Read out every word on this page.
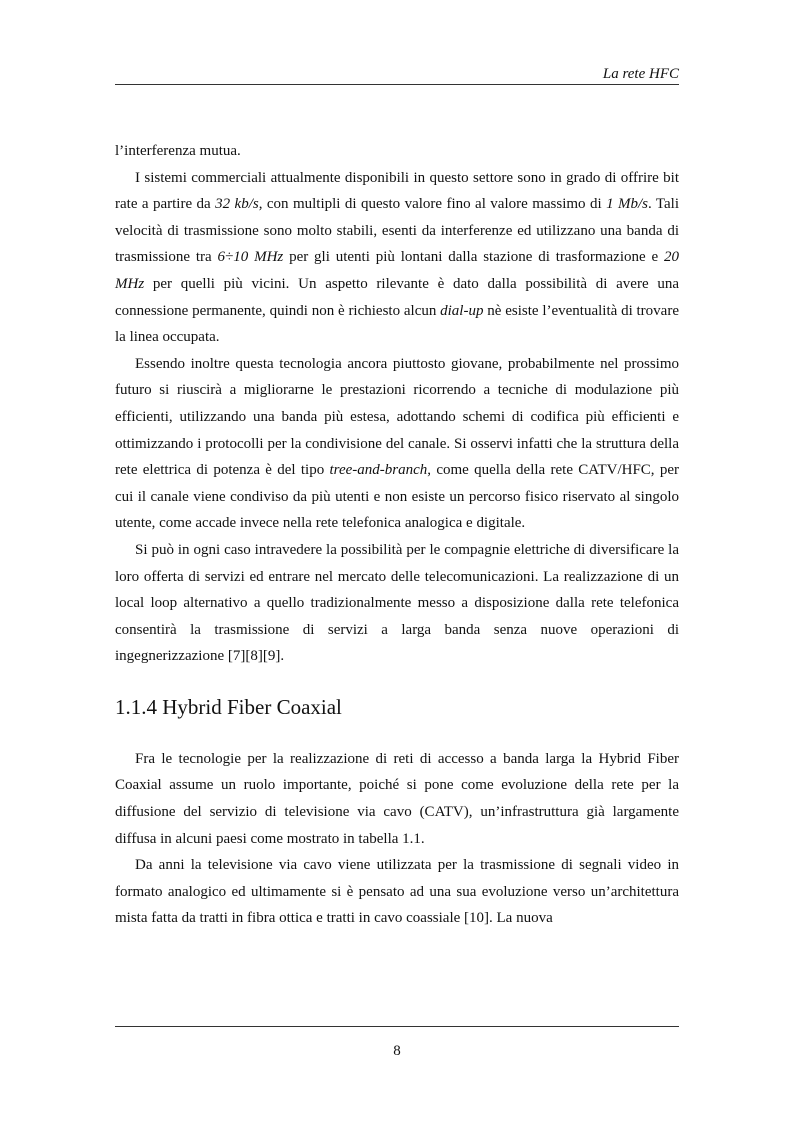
La rete HFC

l’interferenza mutua.

I sistemi commerciali attualmente disponibili in questo settore sono in grado di offrire bit rate a partire da 32 kb/s, con multipli di questo valore fino al valore massimo di 1 Mb/s. Tali velocità di trasmissione sono molto stabili, esenti da interferenze ed utilizzano una banda di trasmissione tra 6÷10 MHz per gli utenti più lontani dalla stazione di trasformazione e 20 MHz per quelli più vicini. Un aspetto rilevante è dato dalla possibilità di avere una connessione permanente, quindi non è richiesto alcun dial-up nè esiste l’eventualità di trovare la linea occupata.

Essendo inoltre questa tecnologia ancora piuttosto giovane, probabilmente nel prossimo futuro si riuscirà a migliorarne le prestazioni ricorrendo a tecniche di modulazione più efficienti, utilizzando una banda più estesa, adottando schemi di codifica più efficienti e ottimizzando i protocolli per la condivisione del canale. Si osservi infatti che la struttura della rete elettrica di potenza è del tipo tree-and-branch, come quella della rete CATV/HFC, per cui il canale viene condiviso da più utenti e non esiste un percorso fisico riservato al singolo utente, come accade invece nella rete telefonica analogica e digitale.

Si può in ogni caso intravedere la possibilità per le compagnie elettriche di diversificare la loro offerta di servizi ed entrare nel mercato delle telecomunicazioni. La realizzazione di un local loop alternativo a quello tradizionalmente messo a disposizione dalla rete telefonica consentirà la trasmissione di servizi a larga banda senza nuove operazioni di ingegnerizzazione [7][8][9].

1.1.4 Hybrid Fiber Coaxial

Fra le tecnologie per la realizzazione di reti di accesso a banda larga la Hybrid Fiber Coaxial assume un ruolo importante, poiché si pone come evoluzione della rete per la diffusione del servizio di televisione via cavo (CATV), un’infrastruttura già largamente diffusa in alcuni paesi come mostrato in tabella 1.1.

Da anni la televisione via cavo viene utilizzata per la trasmissione di segnali video in formato analogico ed ultimamente si è pensato ad una sua evoluzione verso un’architettura mista fatta da tratti in fibra ottica e tratti in cavo coassiale [10]. La nuova

8
